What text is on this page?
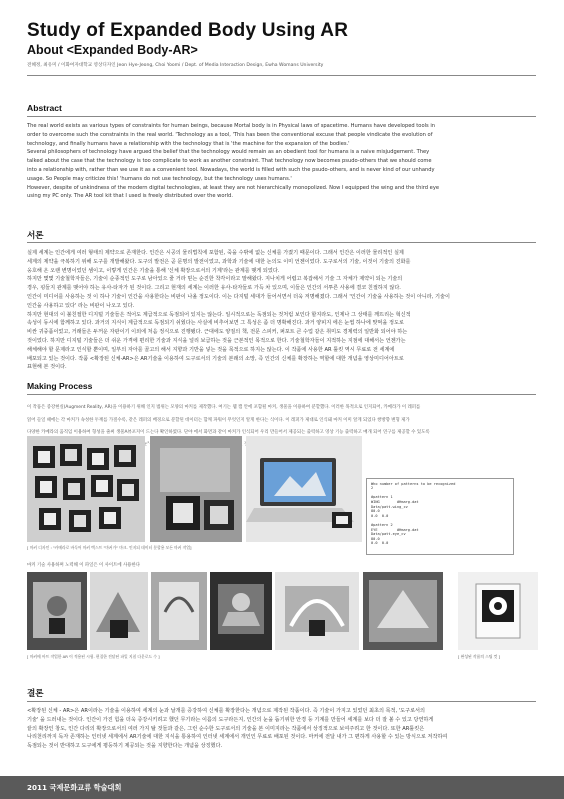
Study of Expanded Body Using AR
About <Expanded Body-AR>
전혜정, 최유미 / 이화여자대학교 영상디자인 Jeon Hye-Jeong, Choi Yoomi / Dept. of Media Interaction Design, Ewha Womans University
Abstract

The real world exists as various types of constraints for human beings, because Mortal body is in Physical laws of spacetime. Humans have developed tools in

order to overcome such the constraints in the real world. 'Technology as a tool, 'This has been the conventional excuse that people vindicate the evolution of

technology, and finally humans have a relationship with the technology that is 'the machine for the expansion of the bodies.'

Several philosophers of technology have argued the belief that the technology would remain as an obedient tool for humans is a naive misjudgement. They

talked about the case that the technology is too complicate to work as another constraint. That technology now becomes psudo-others that we should come

into a relationship with, rather than we use it as a convenient tool. Nowadays, the world is filled with such the psudo-others, and is never kind of our unhandy

usage. So People may criticize this! 'humans do not use technology, but the technology uses humans.'

However, despite of unkindness of the modern digital technologies, at least they are not hierarchically monopolized. Now I equipped the wing and the third eye

using my PC only. The AR tool kit that I used is freely distributed over the world.

서론

실제 세계는 인간에게 여러 형태의 제약으로 존재한다. 인간은 시공의 물리법칙에 포함된, 죽을 수밖에 없는 신체를 가졌기 때문이다. 그래서 인간은 이러한 물리적인 실제

세계의 제약을 극복하기 위해 도구를 개발해왔다. 도구의 발전은 곧 문명의 발전이었고, 과학과 기술에 대한 논의도 이미 언젠이었다. 도구로서의 기술, 이것이 기술의 진화를

옹호해 온 오랜 변명이었던 셈이고, 이렇게 인간은 기술을 통해 '신체 확장으로서의 기계'라는 관계를 맺게 되었다.

하지만 몇몇 기술철학자들은, 기술이 순종적인 도구로 남아있으 줄 거라 믿는 순진한 착각이라고 말해왔다. 지나치게 어렵고 복잡해서 기술 그 자체가 제약이 되는 기술의

경우, 핑들지 관계를 맺어야 하는 유사-타자가 된 것이다. 그리고 현재의 세계는 이러한 유사-타자들로 가득 차 있으며, 이들은 인간의 서투른 사용에 결코 친절하지 않다.

인간이 미디어를 사용하는 것 이 하나 기술이 인간을 사용한다는 비판이 나올 정도이다. 이는 다지털 세대가 들어서면서 더욱 저명해졌다. 그래서 '인간이 기술을 사용하는 것이 아니라, 기술이

인간을 사용하고 있다' 라는 비판이 나오고 있다.

하지만 현대의 이 불친절한 디지털 기술들은 적어도 계급적으로 독점되어 있지는 않는다. 일시적으로는 독점되는 것처럼 보인다 할지라도, 인제나 그 상태를 깨뜨리는 혁신적

속성이 동시에 함께하고 있다. 과거의 지식이 계급적으로 독점되기 쉬웠다는 사실에 비추어보면 그 특성은 좀 더 명확해진다. 과거 양피지 에은 눈썹 하나에 맞먹을 정도로

비싼 귀중품이었고, 거래들은 두꺼운 자판이기 이외에 처음 정식으로 진행됐다. 근대에도 양질의 책, 전문 스피커, 퍼포트 큰 수업 같은 취미도 경제력의 일반화 되어야 하는

것이었다. 하지만 디지털 기술들은 더 쉬운 가격에 편리한 기술과 지식을 널리 보급하는 것을 근본적인 목적으로 한다. 기술철학자들이 지적하는 지점에 대해서는 언젠가는

해체해야 할 문제라고 인식할 뿐이며, 일부의 자아를 골고의 해서 지향과 기반을 넣는 것을 목적으로 하지는 않는다. 이 작품에 사용한 AR 툴킷 역시 무료로 전 세계에

배포되고 있는 것이다. 작품 <확장된 신체-AR>은 AR기술을 이용하여 도구로서의 기술의 본래의 소망, 즉 인간의 신체를 확장하는 역할에 대한 개념을 영상미디어아트로

표현해 본 것이다.

Making Process

이 작품은 증강현실(Augment Reality, AR)을 이용하기 위해 인지 범위는 모양의 마커를 제작했다. 여기는 웹 캠 안에 포함될 마커, 생물을 이용하여 분할했다. 이러한 목적으로 인지되어, 카메라가 이 레퍼를

읽어 들일 때에는 각 마커가 속성한 두께를 가질수록, 같은 레퍼의 배경으로 분할된 데이터는 함께 파워이 무엇인지 알게 한다는 식이다. 이 레퍼가 제대로 인식돼 마커 이미 알게 되었다 쌍방향 변형 제가

다양한 카메라의 움직임 이용하여 형성을 줄써 생물A뷰포지이 드는다 확인하였다. 단야 에서 화면과 같이 마커가 인식되어 우리 만들어서 제공되는 출력하고 영상 기능 출력하고 매개 되어 연구를 제공할 수 있도록

"눈"을

Who number of patterns to be recognized
2

#pattern 1
WING        #Hmarg.dat
Data/patt.wing_cv
80.0
0.0  0.0

#pattern 2
EYE         #Hmarg.dat
Data/patt.eye_cv
80.0
0.0  0.0
[ 마커 디자인 : "카메라로 바둑어 마커 텍스트 "마커가" 마크. 인지되 데이터 분할용 모든 마커 작업]
마커 기술 사용하며 노력해 이 파일은 이 사이트에 사용한다
[ 마커에 아트 작업한 AR 이 적용된 시험. 편집한 전달된 파일 지침 다운로드 수 ]	[ 완성된 작품의 스틸 컷 ]
결론

<확장된 신체 - AR>은 AR이라는 기술을 이용하여 세계의 눈과 날개를 증강하여 신체를 확장한다는 개념으로 제작된 작품이다. 즉 기술이 가지고 있었던 최초의 목적, '도구로서의

기술' 을 드러내는 것이다. 인간이 가진 힘을 더욱 증강시키려고 했던 무기라는 이름의 도구라든지, 인간의 눈을 돕기위한 안경 등 기계를 만들어 세계를 보다 더 잘 볼 수 있고 당연하게

끝의 확장인 창도, 인간 다리의 확장으로서의 여러 가지 탈 것들과 같은, 그런 순수한 도구로서의 기술을 본 이미지라는 작품에서 상징적으로 보여주려고 한 것이다. 또한 AR툴킷은

나리천리까지 독자 존재하는 인터넷 세계에서 AR기술에 대한 지식을 통용하여 인터넷 세계에서 개인인 무료로 배포된 것이다. 마커에 전달 내가 그 편하게 사용할 수 있는 방식으로 저작하여

독점되는 것이 반대하고 도구에게 평등하기 제공되는 것을 지향한다는 개념을 상징했다.

2011 국제문화교류 학술대회
